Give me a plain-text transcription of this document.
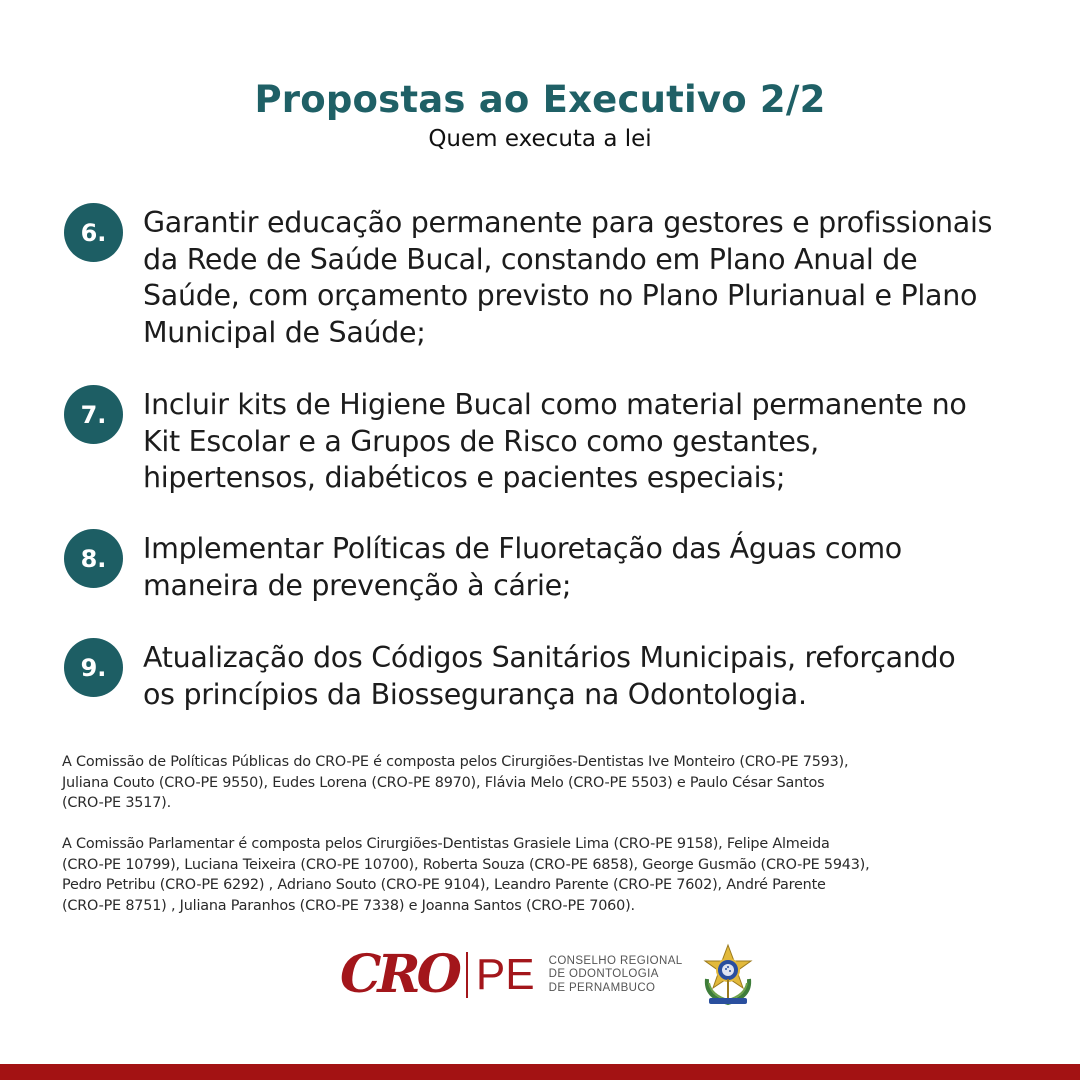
Propostas ao Executivo 2/2
Quem executa a lei
6.	Garantir educação permanente para gestores e profissionais
da Rede de Saúde Bucal, constando em Plano Anual de
Saúde, com orçamento previsto no Plano Plurianual e Plano
Municipal de Saúde;
7.	Incluir kits de Higiene Bucal como material permanente no
Kit Escolar e a Grupos de Risco como gestantes,
hipertensos, diabéticos e pacientes especiais;
8.	Implementar Políticas de Fluoretação das Águas como
maneira de prevenção à cárie;
9.	Atualização dos Códigos Sanitários Municipais, reforçando
os princípios da Biossegurança na Odontologia.
A Comissão de Políticas Públicas do CRO-PE é composta pelos Cirurgiões-Dentistas Ive Monteiro (CRO-PE 7593),
Juliana Couto (CRO-PE 9550), Eudes Lorena (CRO-PE 8970), Flávia Melo (CRO-PE 5503) e Paulo César Santos
(CRO-PE 3517).
A Comissão Parlamentar é composta pelos Cirurgiões-Dentistas Grasiele Lima (CRO-PE 9158), Felipe Almeida
(CRO-PE 10799), Luciana Teixeira (CRO-PE 10700), Roberta Souza (CRO-PE 6858), George Gusmão (CRO-PE 5943),
Pedro Petribu (CRO-PE 6292) , Adriano Souto (CRO-PE 9104), Leandro Parente (CRO-PE 7602), André Parente
(CRO-PE 8751) , Juliana Paranhos (CRO-PE 7338) e Joanna Santos (CRO-PE 7060).
CRO PE CONSELHO REGIONAL
DE ODONTOLOGIA
DE PERNAMBUCO
